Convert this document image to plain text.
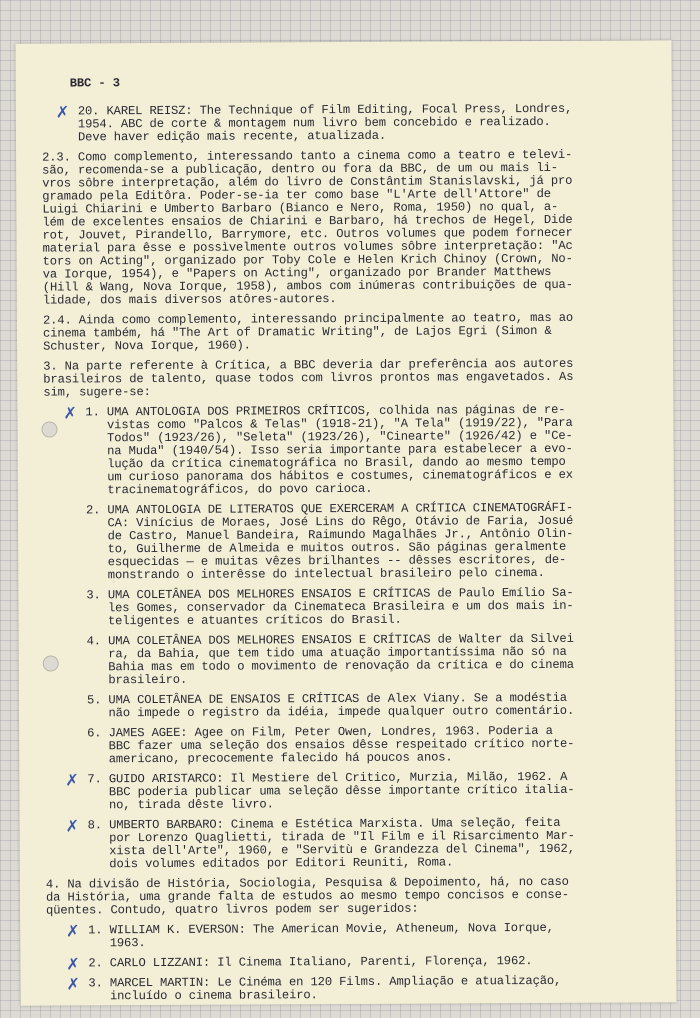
BBC - 3
✗ 20. KAREL REISZ: The Technique of Film Editing, Focal Press, Londres,
1954. ABC de corte & montagem num livro bem concebido e realizado.
Deve haver edição mais recente, atualizada.
2.3. Como complemento, interessando tanto a cinema como a teatro e televi-
são, recomenda-se a publicação, dentro ou fora da BBC, de um ou mais li-
vros sôbre interpretação, além do livro de Constântim Stanislavski, já pro
gramado pela Editôra. Poder-se-ia ter como base "L'Arte dell'Attore" de
Luigi Chiarini e Umberto Barbaro (Bianco e Nero, Roma, 1950) no qual, a-
lém de excelentes ensaios de Chiarini e Barbaro, há trechos de Hegel, Dide
rot, Jouvet, Pirandello, Barrymore, etc. Outros volumes que podem fornecer
material para êsse e possìvelmente outros volumes sôbre interpretação: "Ac
tors on Acting", organizado por Toby Cole e Helen Krich Chinoy (Crown, No-
va Iorque, 1954), e "Papers on Acting", organizado por Brander Matthews
(Hill & Wang, Nova Iorque, 1958), ambos com inúmeras contribuições de qua-
lidade, dos mais diversos atôres-autores.
2.4. Ainda como complemento, interessando principalmente ao teatro, mas ao
cinema também, há "The Art of Dramatic Writing", de Lajos Egri (Simon &
Schuster, Nova Iorque, 1960).
3. Na parte referente à Crítica, a BBC deveria dar preferência aos autores
brasileiros de talento, quase todos com livros prontos mas engavetados. As
sim, sugere-se:
✗ 1. UMA ANTOLOGIA DOS PRIMEIROS CRÍTICOS, colhida nas páginas de re-
vistas como "Palcos & Telas" (1918-21), "A Tela" (1919/22), "Para
Todos" (1923/26), "Seleta" (1923/26), "Cinearte" (1926/42) e "Ce-
na Muda" (1940/54). Isso seria importante para estabelecer a evo-
lução da crítica cinematográfica no Brasil, dando ao mesmo tempo
um curioso panorama dos hábitos e costumes, cinematográficos e ex
tracinematográficos, do povo carioca.
2. UMA ANTOLOGIA DE LITERATOS QUE EXERCERAM A CRÍTICA CINEMATOGRÁFI-
CA: Vinícius de Moraes, José Lins do Rêgo, Otávio de Faria, Josué
de Castro, Manuel Bandeira, Raimundo Magalhães Jr., Antônio Olin-
to, Guilherme de Almeida e muitos outros. São páginas geralmente
esquecidas — e muitas vêzes brilhantes -- dêsses escritores, de-
monstrando o interêsse do intelectual brasileiro pelo cinema.
3. UMA COLETÂNEA DOS MELHORES ENSAIOS E CRÍTICAS de Paulo Emílio Sa-
les Gomes, conservador da Cinemateca Brasileira e um dos mais in-
teligentes e atuantes críticos do Brasil.
4. UMA COLETÂNEA DOS MELHORES ENSAIOS E CRÍTICAS de Walter da Silvei
ra, da Bahia, que tem tido uma atuação importantíssima não só na
Bahia mas em todo o movimento de renovação da crítica e do cinema
brasileiro.
5. UMA COLETÂNEA DE ENSAIOS E CRÍTICAS de Alex Viany. Se a modéstia
não impede o registro da idéia, impede qualquer outro comentário.
6. JAMES AGEE: Agee on Film, Peter Owen, Londres, 1963. Poderia a
BBC fazer uma seleção dos ensaios dêsse respeitado crítico norte-
americano, precocemente falecido há poucos anos.
✗ 7. GUIDO ARISTARCO: Il Mestiere del Critico, Murzia, Milão, 1962. A
BBC poderia publicar uma seleção dêsse importante crítico italia-
no, tirada dêste livro.
✗ 8. UMBERTO BARBARO: Cinema e Estética Marxista. Uma seleção, feita
por Lorenzo Quaglietti, tirada de "Il Film e il Risarcimento Mar-
xista dell'Arte", 1960, e "Servitù e Grandezza del Cinema", 1962,
dois volumes editados por Editori Reuniti, Roma.
4. Na divisão de História, Sociologia, Pesquisa & Depoimento, há, no caso
da História, uma grande falta de estudos ao mesmo tempo concisos e conse-
qüentes. Contudo, quatro livros podem ser sugeridos:
✗ 1. WILLIAM K. EVERSON: The American Movie, Atheneum, Nova Iorque,
1963.
✗ 2. CARLO LIZZANI: Il Cinema Italiano, Parenti, Florença, 1962.
✗ 3. MARCEL MARTIN: Le Cinéma en 120 Films. Ampliação e atualização,
incluído o cinema brasileiro.
